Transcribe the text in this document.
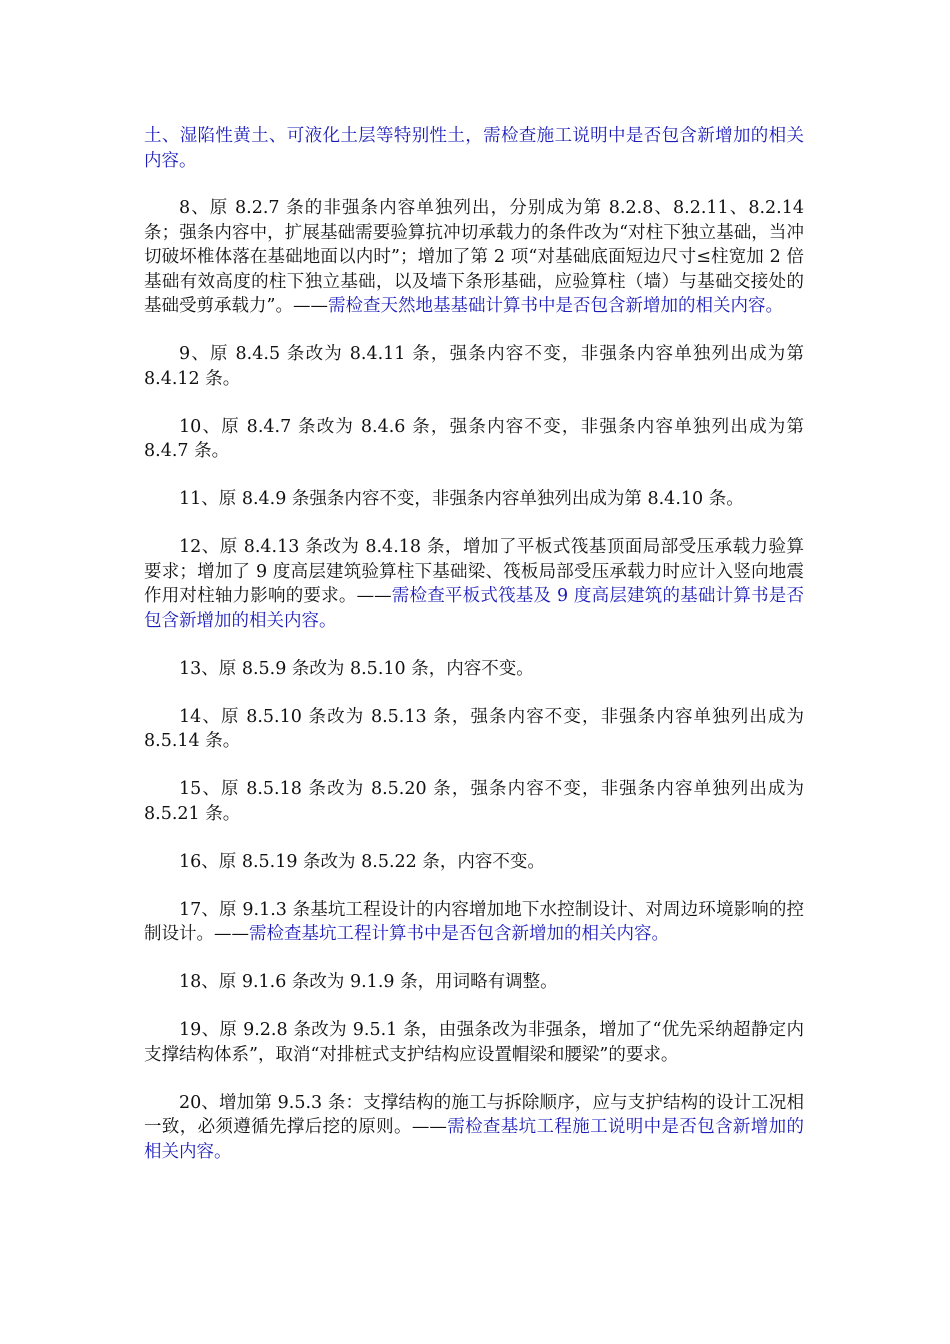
土、湿陷性黄土、可液化土层等特别性土，需检查施工说明中是否包含新增加的相关内容。

8、原 8.2.7 条的非强条内容单独列出，分别成为第 8.2.8、8.2.11、8.2.14 条；强条内容中，扩展基础需要验算抗冲切承载力的条件改为“对柱下独立基础，当冲切破坏椎体落在基础地面以内时”；增加了第 2 项“对基础底面短边尺寸≤柱宽加 2 倍基础有效高度的柱下独立基础，以及墙下条形基础，应验算柱（墙）与基础交接处的基础受剪承载力”。——需检查天然地基基础计算书中是否包含新增加的相关内容。

9、原 8.4.5 条改为 8.4.11 条，强条内容不变，非强条内容单独列出成为第 8.4.12 条。

10、原 8.4.7 条改为 8.4.6 条，强条内容不变，非强条内容单独列出成为第 8.4.7 条。

11、原 8.4.9 条强条内容不变，非强条内容单独列出成为第 8.4.10 条。

12、原 8.4.13 条改为 8.4.18 条，增加了平板式筏基顶面局部受压承载力验算要求；增加了 9 度高层建筑验算柱下基础梁、筏板局部受压承载力时应计入竖向地震作用对柱轴力影响的要求。——需检查平板式筏基及 9 度高层建筑的基础计算书是否包含新增加的相关内容。

13、原 8.5.9 条改为 8.5.10 条，内容不变。

14、原 8.5.10 条改为 8.5.13 条，强条内容不变，非强条内容单独列出成为 8.5.14 条。

15、原 8.5.18 条改为 8.5.20 条，强条内容不变，非强条内容单独列出成为 8.5.21 条。

16、原 8.5.19 条改为 8.5.22 条，内容不变。

17、原 9.1.3 条基坑工程设计的内容增加地下水控制设计、对周边环境影响的控制设计。——需检查基坑工程计算书中是否包含新增加的相关内容。

18、原 9.1.6 条改为 9.1.9 条，用词略有调整。

19、原 9.2.8 条改为 9.5.1 条，由强条改为非强条，增加了“优先采纳超静定内支撑结构体系”，取消“对排桩式支护结构应设置帽梁和腰梁”的要求。

20、增加第 9.5.3 条：支撑结构的施工与拆除顺序，应与支护结构的设计工况相一致，必须遵循先撑后挖的原则。——需检查基坑工程施工说明中是否包含新增加的相关内容。
